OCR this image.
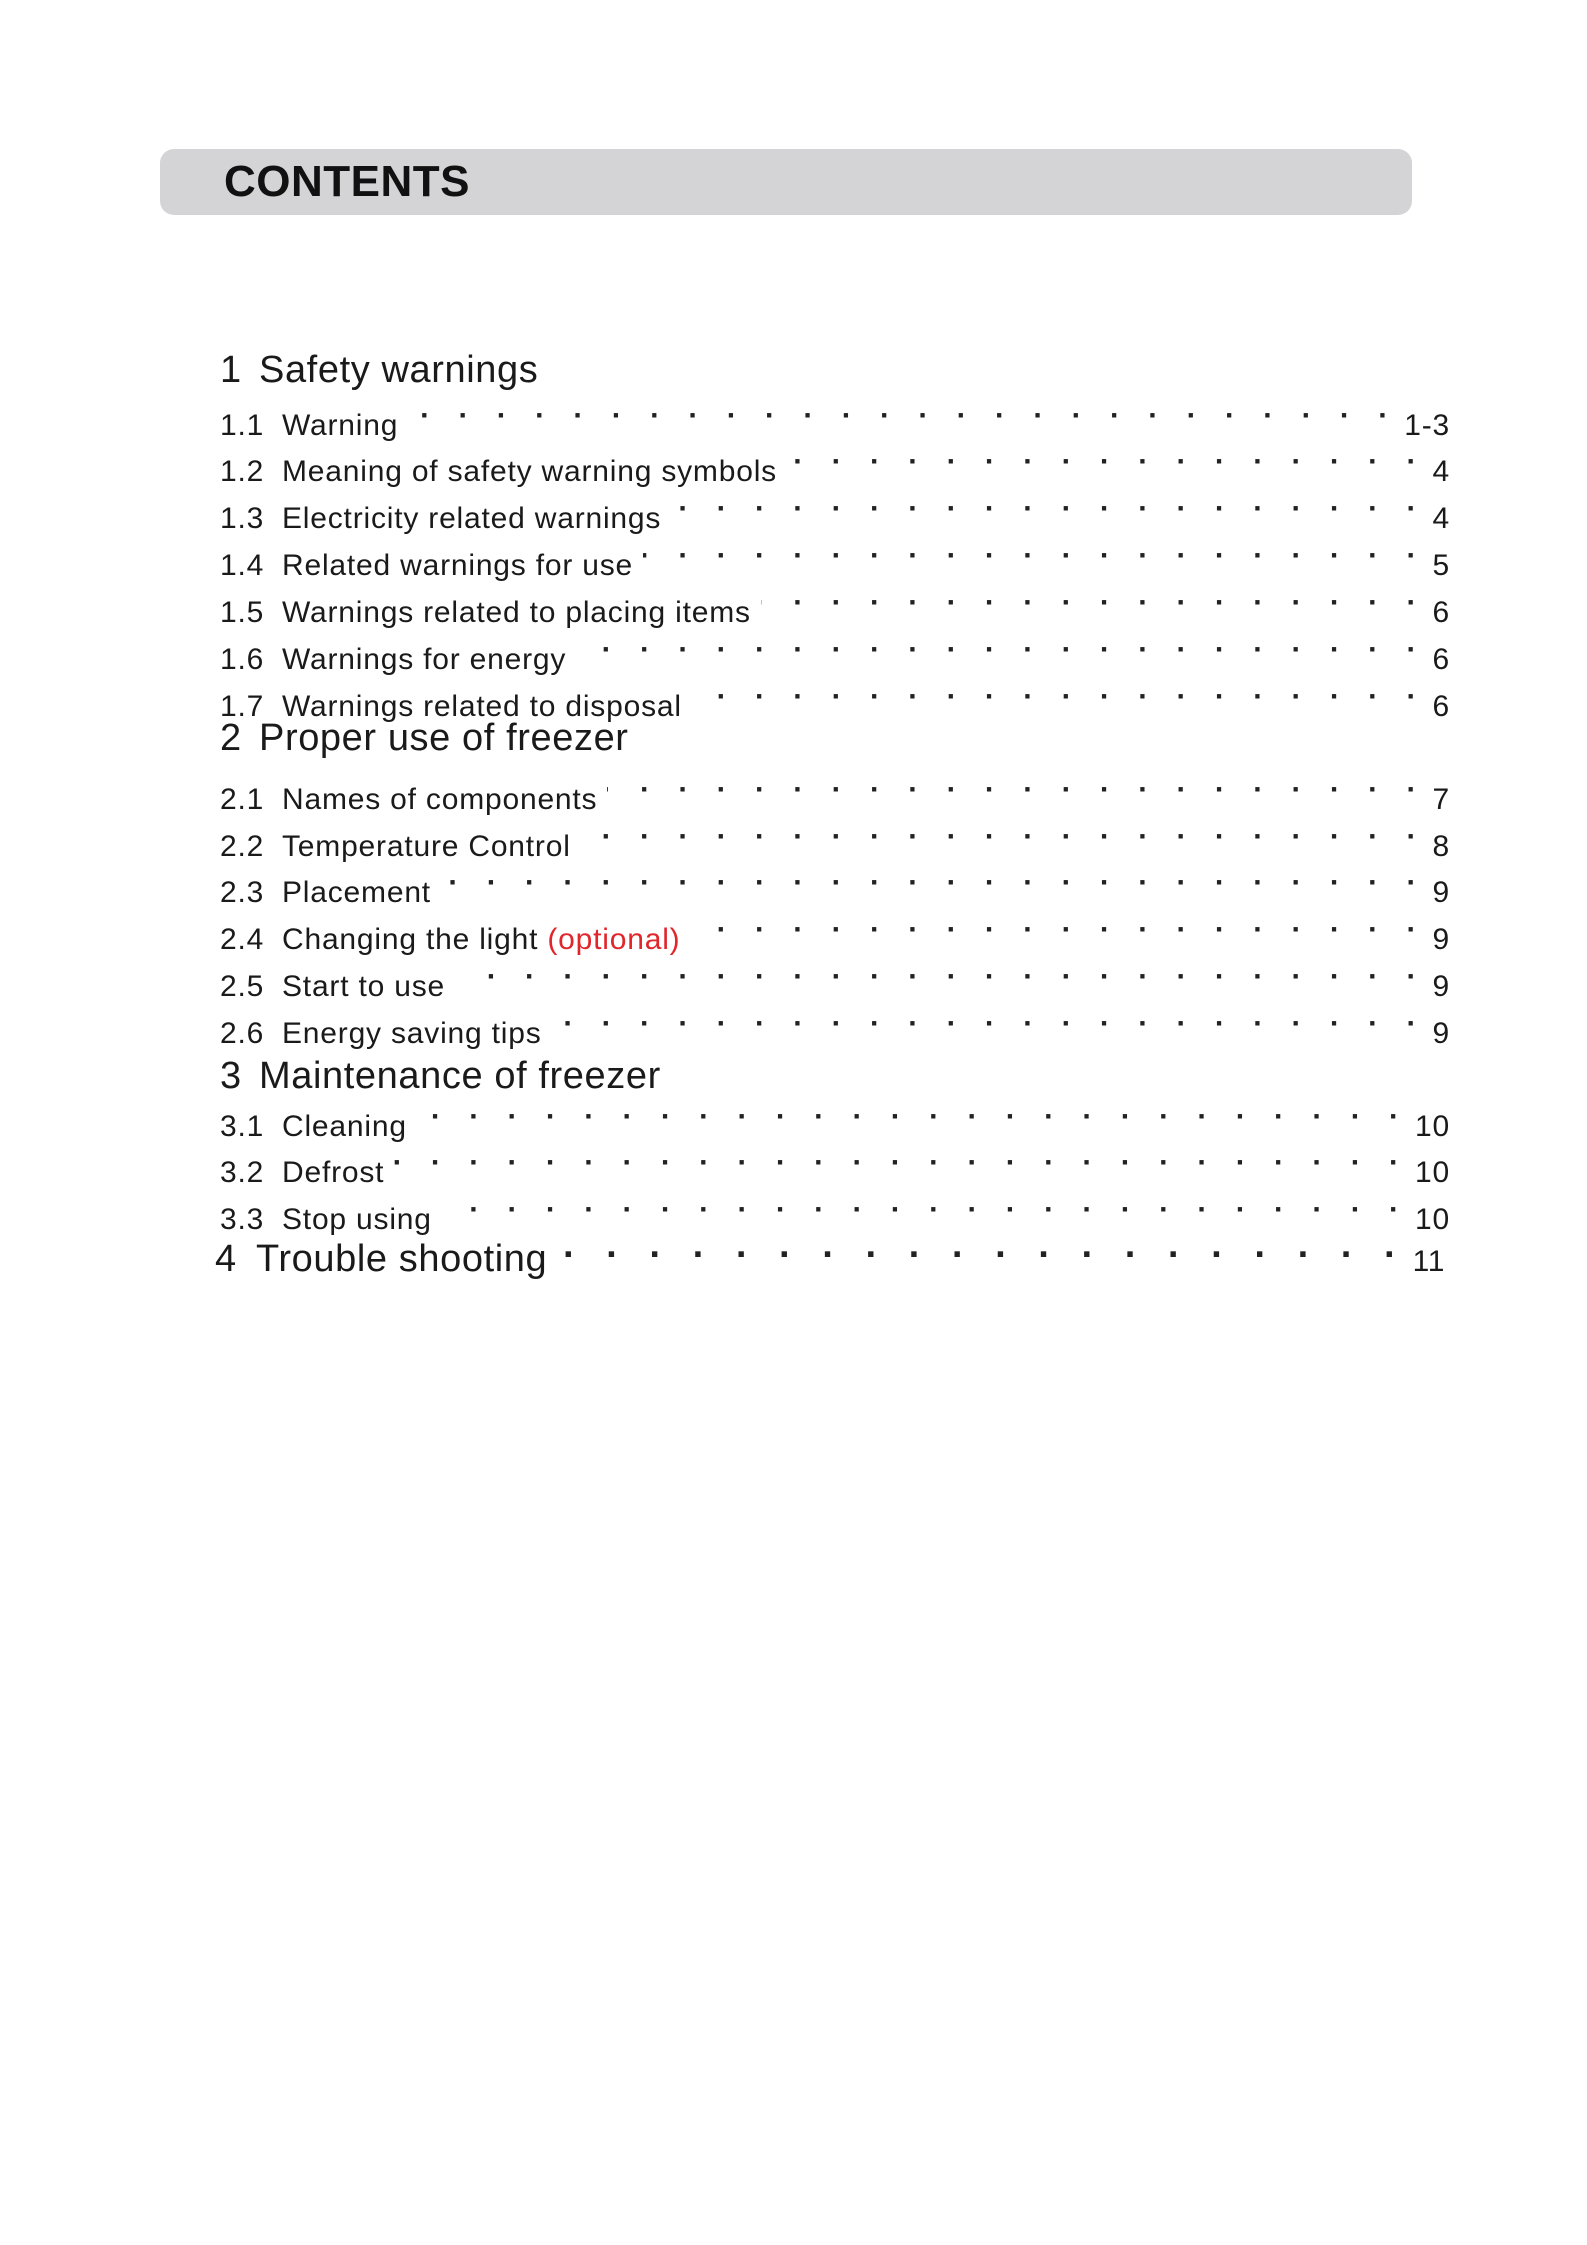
CONTENTS
1 Safety warnings
1.1 Warning · · ·	1-3
1.2 Meaning of safety warning symbols · · ·	4
1.3 Electricity related warnings · · ·	4
1.4 Related warnings for use · · ·	5
1.5 Warnings related to placing items · · ·	6
1.6 Warnings for energy · · ·	6
1.7 Warnings related to disposal · · ·	6
2 Proper use of freezer
2.1 Names of components · · ·	7
2.2 Temperature Control · · ·	8
2.3 Placement · · ·	9
2.4 Changing the light (optional) · · ·	9
2.5 Start to use · · ·	9
2.6 Energy saving tips · · ·	9
3 Maintenance of freezer
3.1 Cleaning · · ·	10
3.2 Defrost · · ·	10
3.3 Stop using · · ·	10
4 Trouble shooting · · ·	11
